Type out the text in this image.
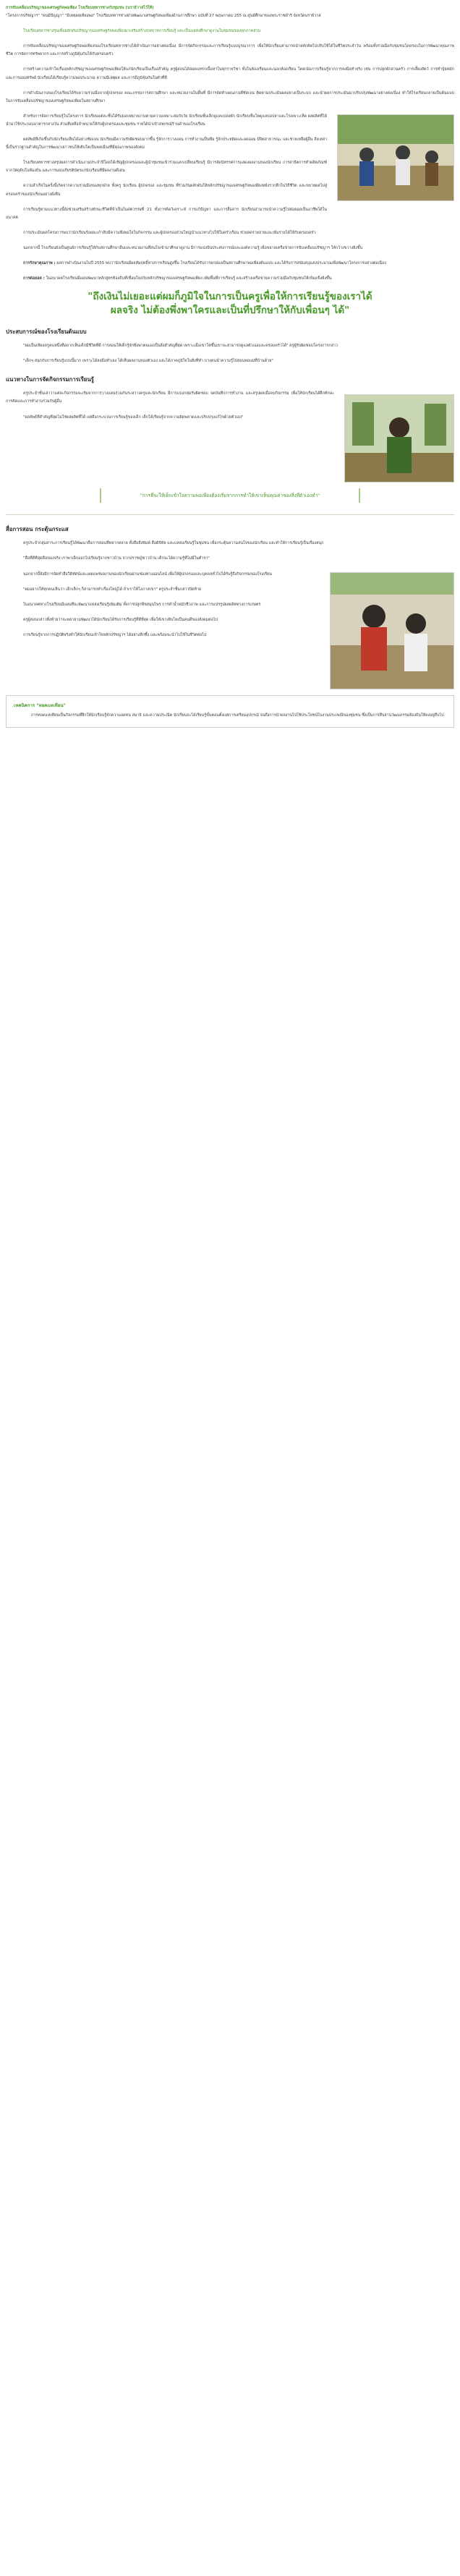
การขับเคลื่อนปรัชญาของเศรษฐกิจพอเพียง โรงเรียนทหารช่างกับชุมชน (นราธิวาสไว้ให้)
"โครงการปรัชญาฯ" "คนมีปัญญา" "มีเหตุผลเพียงพอ" โรงเรียนทหารช่างฝ่ายพัฒนาเศรษฐกิจพอเพียงด้านการศึกษา ฉบับที่ 27 พฤษภาคม 255 ณ ศูนย์ศึกษาของพระราชดำริ จังหวัดนราธิวาส

โรงเรียนทหารช่างรุ่นเพื่อผลักดันปรัชญาของเศรษฐกิจพอเพียงมาเสริมสร้างบทบาทการเรียนรู้ และเป็นแหล่งศึกษาดูงานในชุมชนของทุกภาคส่วน

การขับเคลื่อนปรัชญาของเศรษฐกิจพอเพียงของโรงเรียนทหารช่างได้ดำเนินการอย่างต่อเนื่อง มีการจัดกิจกรรมและการเรียนรู้แบบบูรณาการ เพื่อให้นักเรียนสามารถนำหลักคิดไปปรับใช้ได้ในชีวิตประจำวัน พร้อมทั้งร่วมมือกับชุมชนโดยรอบในการพัฒนาคุณภาพชีวิต การจัดการทรัพยากร และการสร้างภูมิคุ้มกันให้กับครอบครัว

การสร้างความเข้าใจเรื่องหลักปรัชญาของเศรษฐกิจพอเพียงให้แก่นักเรียนเป็นเรื่องสำคัญ ครูผู้สอนได้สอดแทรกเนื้อหาในทุกรายวิชา ทั้งในห้องเรียนและนอกห้องเรียน โดยเน้นการเรียนรู้จากการลงมือทำจริง เช่น การปลูกผักสวนครัว การเลี้ยงสัตว์ การทำปุ๋ยหมัก และการออมทรัพย์ นักเรียนได้เรียนรู้ความพอประมาณ ความมีเหตุผล และการมีภูมิคุ้มกันในตัวที่ดี

การดำเนินงานของโรงเรียนได้รับความร่วมมือจากผู้ปกครอง คณะกรรมการสถานศึกษา และหน่วยงานในพื้นที่ มีการจัดทำแผนงานที่ชัดเจน ติดตามประเมินผลอย่างเป็นระบบ และนำผลการประเมินมาปรับปรุงพัฒนาอย่างต่อเนื่อง ทำให้โรงเรียนกลายเป็นต้นแบบในการขับเคลื่อนปรัชญาของเศรษฐกิจพอเพียงในสถานศึกษา

สำหรับการจัดการเรียนรู้ในโครงการ นักเรียนแต่ละชั้นได้รับมอบหมายงานตามความเหมาะสมกับวัย นักเรียนชั้นเล็กดูแลแปลงผัก นักเรียนชั้นโตดูแลบ่อปลาและโรงเพาะเห็ด ผลผลิตที่ได้นำมาใช้ประกอบอาหารกลางวัน ส่วนที่เหลือจำหน่ายให้กับผู้ปกครองและชุมชน รายได้นำเข้าสหกรณ์ร้านค้าของโรงเรียน

ผลลัพธ์ที่เกิดขึ้นกับนักเรียนเห็นได้อย่างชัดเจน นักเรียนมีความรับผิดชอบมากขึ้น รู้จักการวางแผน การทำงานเป็นทีม รู้จักประหยัดและอดออม มีจิตสาธารณะ และช่วยเหลือผู้อื่น สิ่งเหล่านี้เป็นรากฐานสำคัญในการพัฒนาเยาวชนให้เติบโตเป็นพลเมืองที่มีคุณภาพของสังคม

โรงเรียนทหารช่างสรุปผลการดำเนินงานประจำปีโดยได้เชิญผู้ปกครองและผู้นำชุมชนเข้าร่วมแลกเปลี่ยนเรียนรู้ มีการจัดนิทรรศการแสดงผลงานของนักเรียน การสาธิตการทำผลิตภัณฑ์จากวัตถุดิบในท้องถิ่น และการมอบเกียรติบัตรแก่นักเรียนที่มีผลงานดีเด่น

ความสำเร็จในครั้งนี้เกิดจากความร่วมมือของทุกฝ่าย ทั้งครู นักเรียน ผู้ปกครอง และชุมชน ที่ร่วมกันผลักดันให้หลักปรัชญาของเศรษฐกิจพอเพียงหยั่งรากลึกในวิถีชีวิต และขยายผลไปสู่ครอบครัวของนักเรียนอย่างยั่งยืน

การเรียนรู้ตามแนวทางนี้ยังช่วยเสริมสร้างทักษะชีวิตที่จำเป็นในศตวรรษที่ 21 ทั้งการคิดวิเคราะห์ การแก้ปัญหา และการสื่อสาร นักเรียนสามารถนำความรู้ไปต่อยอดเป็นอาชีพได้ในอนาคต

การประเมินผลโครงการพบว่านักเรียนร้อยละเก้าสิบมีความพึงพอใจในกิจกรรม และผู้ปกครองส่วนใหญ่นำแนวทางไปใช้ในครัวเรือน ช่วยลดรายจ่ายและเพิ่มรายได้ให้กับครอบครัว

นอกจากนี้ โรงเรียนยังเป็นศูนย์การเรียนรู้ให้กับสถานศึกษาอื่นและหน่วยงานที่สนใจเข้ามาศึกษาดูงาน มีการแบ่งปันประสบการณ์และองค์ความรู้ เพื่อขยายเครือข่ายการขับเคลื่อนปรัชญาฯ ให้กว้างขวางยิ่งขึ้น

การรักษาคุณภาพ : ผลการดำเนินงานในปี 2555 พบว่านักเรียนมีผลสัมฤทธิ์ทางการเรียนสูงขึ้น โรงเรียนได้รับการยกย่องเป็นสถานศึกษาพอเพียงต้นแบบ และได้รับการสนับสนุนงบประมาณเพื่อพัฒนาโครงการอย่างต่อเนื่อง

การต่อยอด : ในอนาคตโรงเรียนมีแผนพัฒนาหลักสูตรท้องถิ่นที่เชื่อมโยงกับหลักปรัชญาของเศรษฐกิจพอเพียง เพิ่มพื้นที่การเรียนรู้ และสร้างเครือข่ายความร่วมมือกับชุมชนให้เข้มแข็งยิ่งขึ้น

"ถึงเงินไม่เยอะแต่ผมก็ภูมิใจในการเป็นครูเพื่อให้การเรียนรู้ของเราได้ผลจริง ไม่ต้องพึ่งพาใครและเป็นที่ปรึกษาให้กับเพื่อนๆ ได้"
ประสบการณ์ของโรงเรียนต้นแบบ

"ผมเป็นเพียงครูคนหนึ่งที่อยากเห็นเด็กมีชีวิตที่ดี การสอนให้เด็กรู้จักพึ่งพาตนเองเป็นสิ่งสำคัญที่สุด เพราะเมื่อเขาโตขึ้นเขาจะสามารถดูแลตัวเองและครอบครัวได้" ครูผู้รับผิดชอบโครงการกล่าว

"เด็กๆ สนุกกับการเรียนรู้แบบนี้มาก เพราะได้ลงมือทำเอง ได้เห็นผลงานของตัวเอง และได้ภาคภูมิใจในสิ่งที่ทำ บางคนนำความรู้ไปสอนพ่อแม่ที่บ้านด้วย"

แนวทางในการจัดกิจกรรมการเรียนรู้

ครูประจำชั้นเล่าว่าแต่ละกิจกรรมจะเริ่มจากการวางแผนร่วมกันระหว่างครูและนักเรียน มีการแบ่งกลุ่มรับผิดชอบ จดบันทึกการทำงาน และสรุปผลเมื่อจบกิจกรรม เพื่อให้นักเรียนได้ฝึกทักษะการคิดและการทำงานร่วมกับผู้อื่น

"ผลลัพธ์ที่สำคัญที่สุดไม่ใช่ผลผลิตที่ได้ แต่คือกระบวนการเรียนรู้ของเด็ก เด็กได้เรียนรู้จากความผิดพลาดและปรับปรุงแก้ไขด้วยตัวเอง"

"การที่จะให้เด็กเข้าใจความพอเพียงต้องเริ่มจากการทำให้เขาเห็นคุณค่าของสิ่งที่ตัวเองทำ"
สื่อการสอน กระตุ้นกระแส

ครูประจำกลุ่มสาระการเรียนรู้ได้พัฒนาสื่อการสอนที่หลากหลาย ทั้งสื่อสิ่งพิมพ์ สื่อดิจิทัล และแหล่งเรียนรู้ในชุมชน เพื่อกระตุ้นความสนใจของนักเรียน และทำให้การเรียนรู้เป็นเรื่องสนุก

"สื่อที่ดีที่สุดคือของจริง เราพาเด็กออกไปเรียนรู้จากชาวบ้าน จากปราชญ์ชาวบ้าน เด็กจะได้ความรู้ที่ไม่มีในตำรา"

นอกจากนี้ยังมีการจัดทำสื่อวีดิทัศน์และเผยแพร่ผลงานของนักเรียนผ่านช่องทางออนไลน์ เพื่อให้ผู้ปกครองและบุคคลทั่วไปได้รับรู้ถึงกิจกรรมของโรงเรียน

"ผมอยากให้ทุกคนเห็นว่า เด็กเล็กๆ ก็สามารถทำเรื่องใหญ่ได้ ถ้าเราให้โอกาสเขา" ครูประจำชั้นกล่าวปิดท้าย

ในอนาคตทางโรงเรียนมีแผนที่จะพัฒนาแหล่งเรียนรู้เพิ่มเติม ทั้งการปลูกพืชสมุนไพร การทำน้ำหมักชีวภาพ และการแปรรูปผลผลิตทางการเกษตร

ครูผู้สอนกล่าวทิ้งท้ายว่าจะพยายามพัฒนาให้นักเรียนได้รับการเรียนรู้ที่ดีที่สุด เพื่อให้เขาเติบโตเป็นคนดีของสังคมต่อไป

การเรียนรู้จากการปฏิบัติจริงทำให้นักเรียนเข้าใจหลักปรัชญาฯ ได้อย่างลึกซึ้ง และพร้อมจะนำไปใช้ในชีวิตต่อไป

เทคนิคการ "ทอดแหเทียน"

การทอดแหเทียนเป็นกิจกรรมที่ฝึกให้นักเรียนรู้จักความอดทน สมาธิ และความประณีต นักเรียนจะได้เรียนรู้ขั้นตอนตั้งแต่การเตรียมอุปกรณ์ จนถึงการนำผลงานไปใช้ประโยชน์ในงานประเพณีของชุมชน ซึ่งเป็นการสืบสานวัฒนธรรมท้องถิ่นให้คงอยู่สืบไป
